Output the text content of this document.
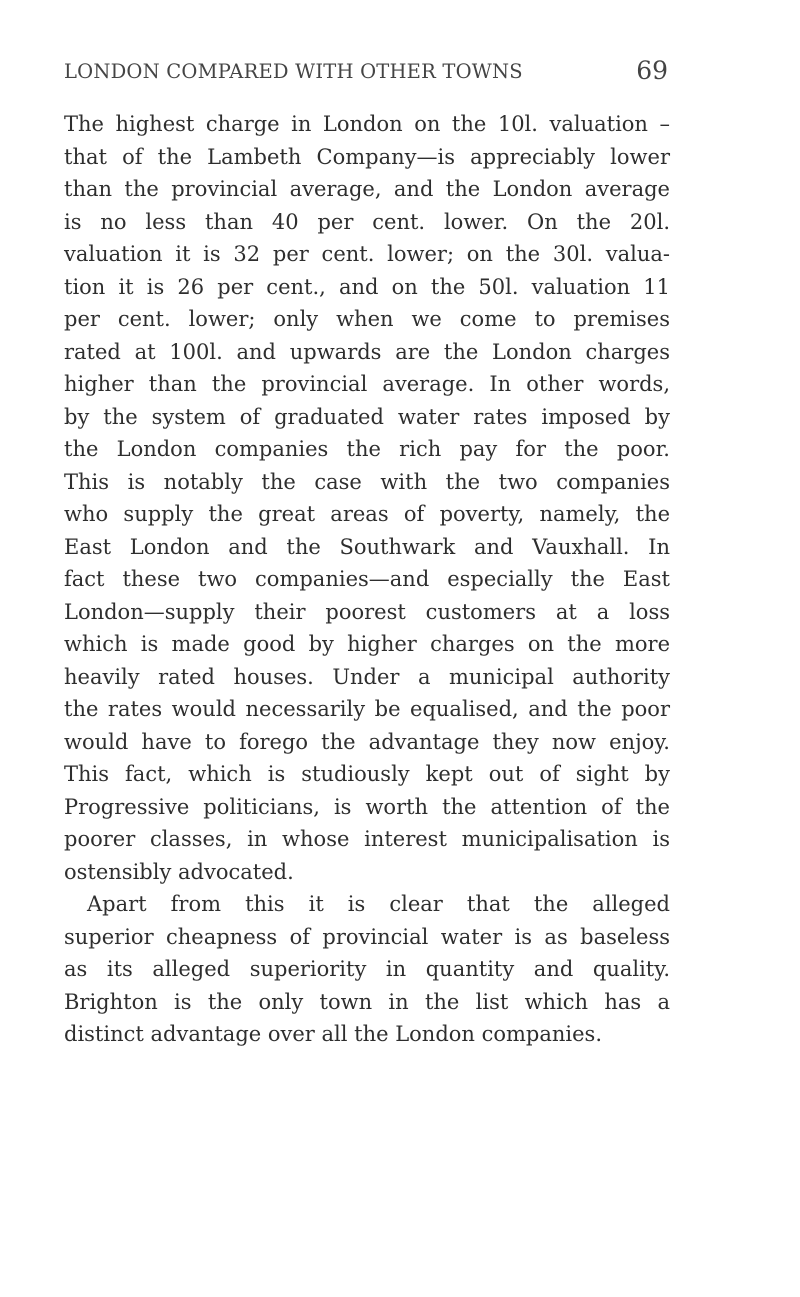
LONDON COMPARED WITH OTHER TOWNS	69
The highest charge in London on the 10l. valuation –
that of the Lambeth Company—is appreciably lower
than the provincial average, and the London average
is no less than 40 per cent. lower. On the 20l.
valuation it is 32 per cent. lower; on the 30l. valua-
tion it is 26 per cent., and on the 50l. valuation 11
per cent. lower; only when we come to premises
rated at 100l. and upwards are the London charges
higher than the provincial average. In other words,
by the system of graduated water rates imposed by
the London companies the rich pay for the poor.
This is notably the case with the two companies
who supply the great areas of poverty, namely, the
East London and the Southwark and Vauxhall. In
fact these two companies—and especially the East
London—supply their poorest customers at a loss
which is made good by higher charges on the more
heavily rated houses. Under a municipal authority
the rates would necessarily be equalised, and the poor
would have to forego the advantage they now enjoy.
This fact, which is studiously kept out of sight by
Progressive politicians, is worth the attention of the
poorer classes, in whose interest municipalisation is
ostensibly advocated.
Apart from this it is clear that the alleged
superior cheapness of provincial water is as baseless
as its alleged superiority in quantity and quality.
Brighton is the only town in the list which has a
distinct advantage over all the London companies.
